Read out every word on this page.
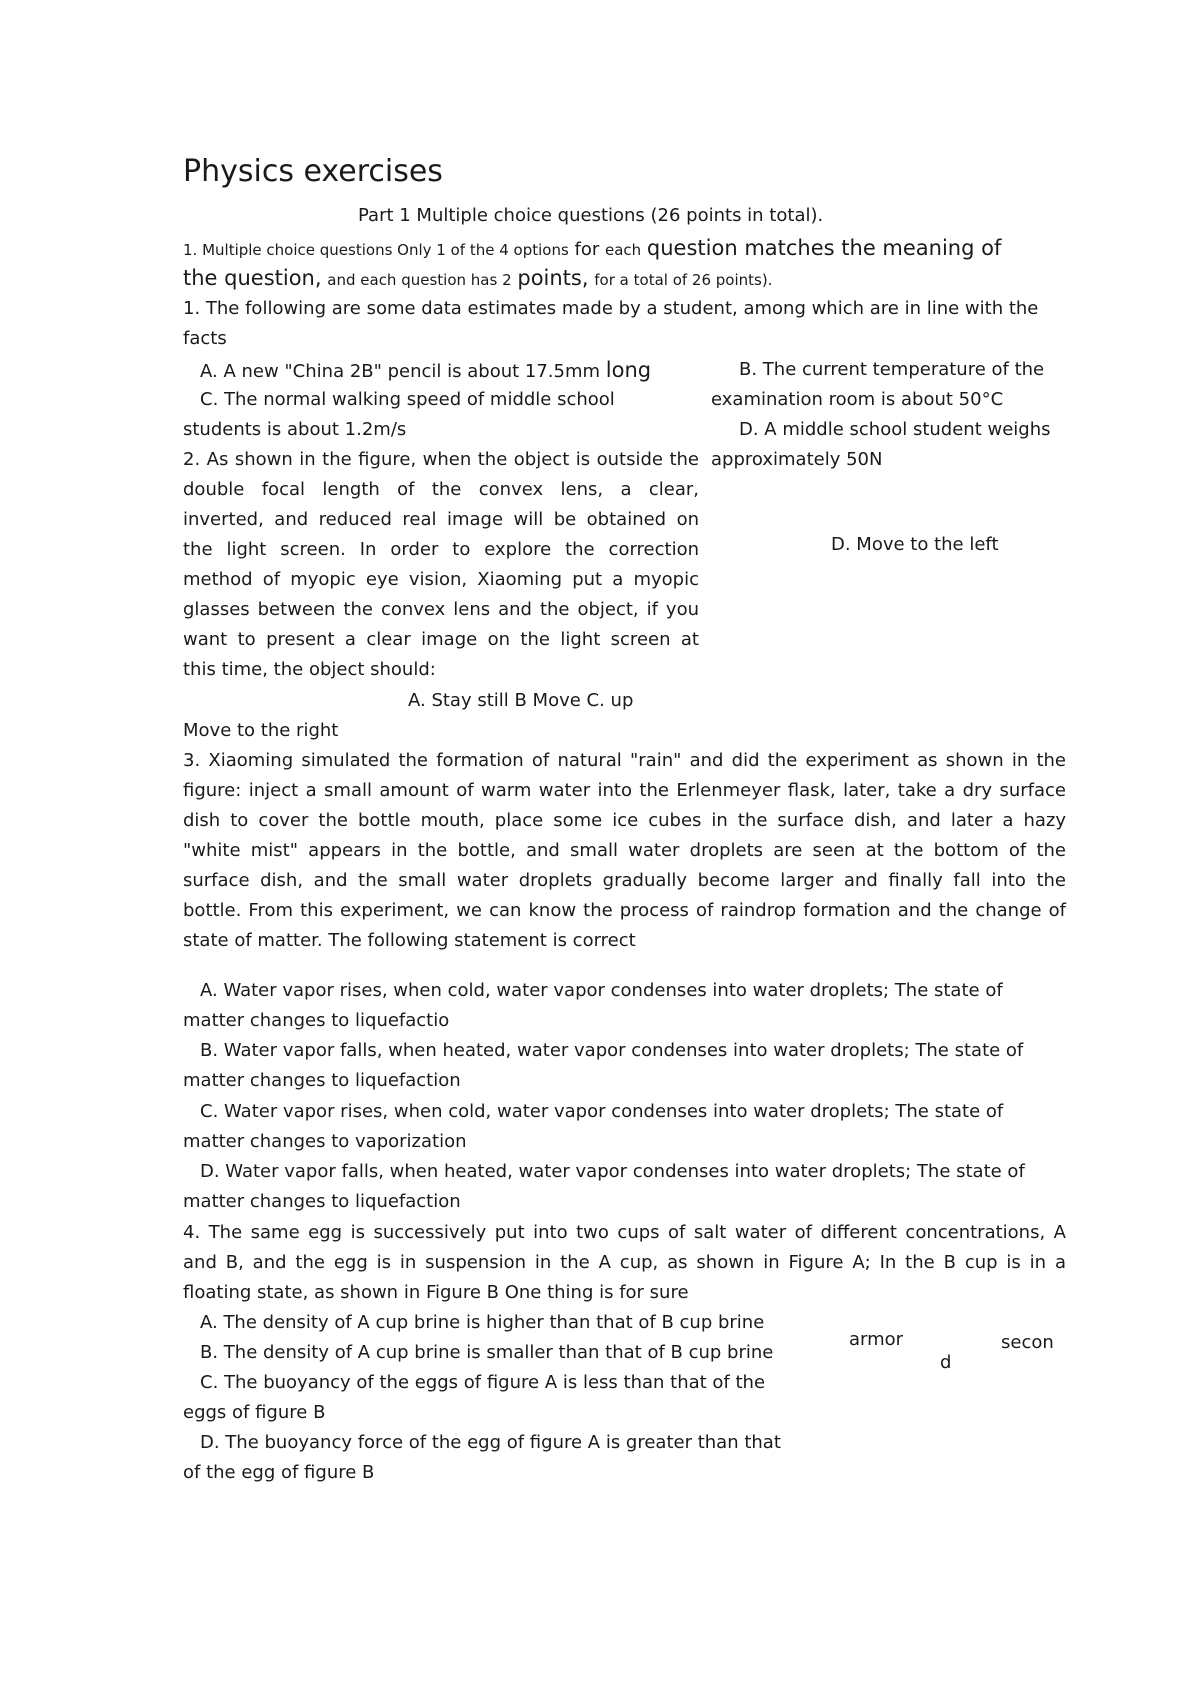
Physics exercises
Part 1 Multiple choice questions (26 points in total).
1. Multiple choice questions Only 1 of the 4 options for each question matches the meaning of
the question, and each question has 2 points, for a total of 26 points).
1. The following are some data estimates made by a student, among which are in line with the
facts
A. A new "China 2B" pencil is about 17.5mm long	B. The current temperature of the
C. The normal walking speed of middle school	examination room is about 50°C
students is about 1.2m/s	D. A middle school student weighs
approximately 50N
2. As shown in the figure, when the object is outside the
double focal length of the convex lens, a clear,
inverted, and reduced real image will be obtained on
the light screen. In order to explore the correction
method of myopic eye vision, Xiaoming put a myopic
glasses between the convex lens and the object, if you
want to present a clear image on the light screen at
this time, the object should:
D. Move to the left
A. Stay still B Move C. up
Move to the right
3. Xiaoming simulated the formation of natural "rain" and did the experiment as shown in the
figure: inject a small amount of warm water into the Erlenmeyer flask, later, take a dry surface
dish to cover the bottle mouth, place some ice cubes in the surface dish, and later a hazy
"white mist" appears in the bottle, and small water droplets are seen at the bottom of the
surface dish, and the small water droplets gradually become larger and finally fall into the
bottle. From this experiment, we can know the process of raindrop formation and the change of
state of matter. The following statement is correct
A. Water vapor rises, when cold, water vapor condenses into water droplets; The state of
matter changes to liquefactio
B. Water vapor falls, when heated, water vapor condenses into water droplets; The state of
matter changes to liquefaction
C. Water vapor rises, when cold, water vapor condenses into water droplets; The state of
matter changes to vaporization
D. Water vapor falls, when heated, water vapor condenses into water droplets; The state of
matter changes to liquefaction
4. The same egg is successively put into two cups of salt water of different concentrations, A
and B, and the egg is in suspension in the A cup, as shown in Figure A; In the B cup is in a
floating state, as shown in Figure B One thing is for sure
A. The density of A cup brine is higher than that of B cup brine
B. The density of A cup brine is smaller than that of B cup brine
C. The buoyancy of the eggs of figure A is less than that of the
eggs of figure B
D. The buoyancy force of the egg of figure A is greater than that
of the egg of figure B
armor	secon
d
